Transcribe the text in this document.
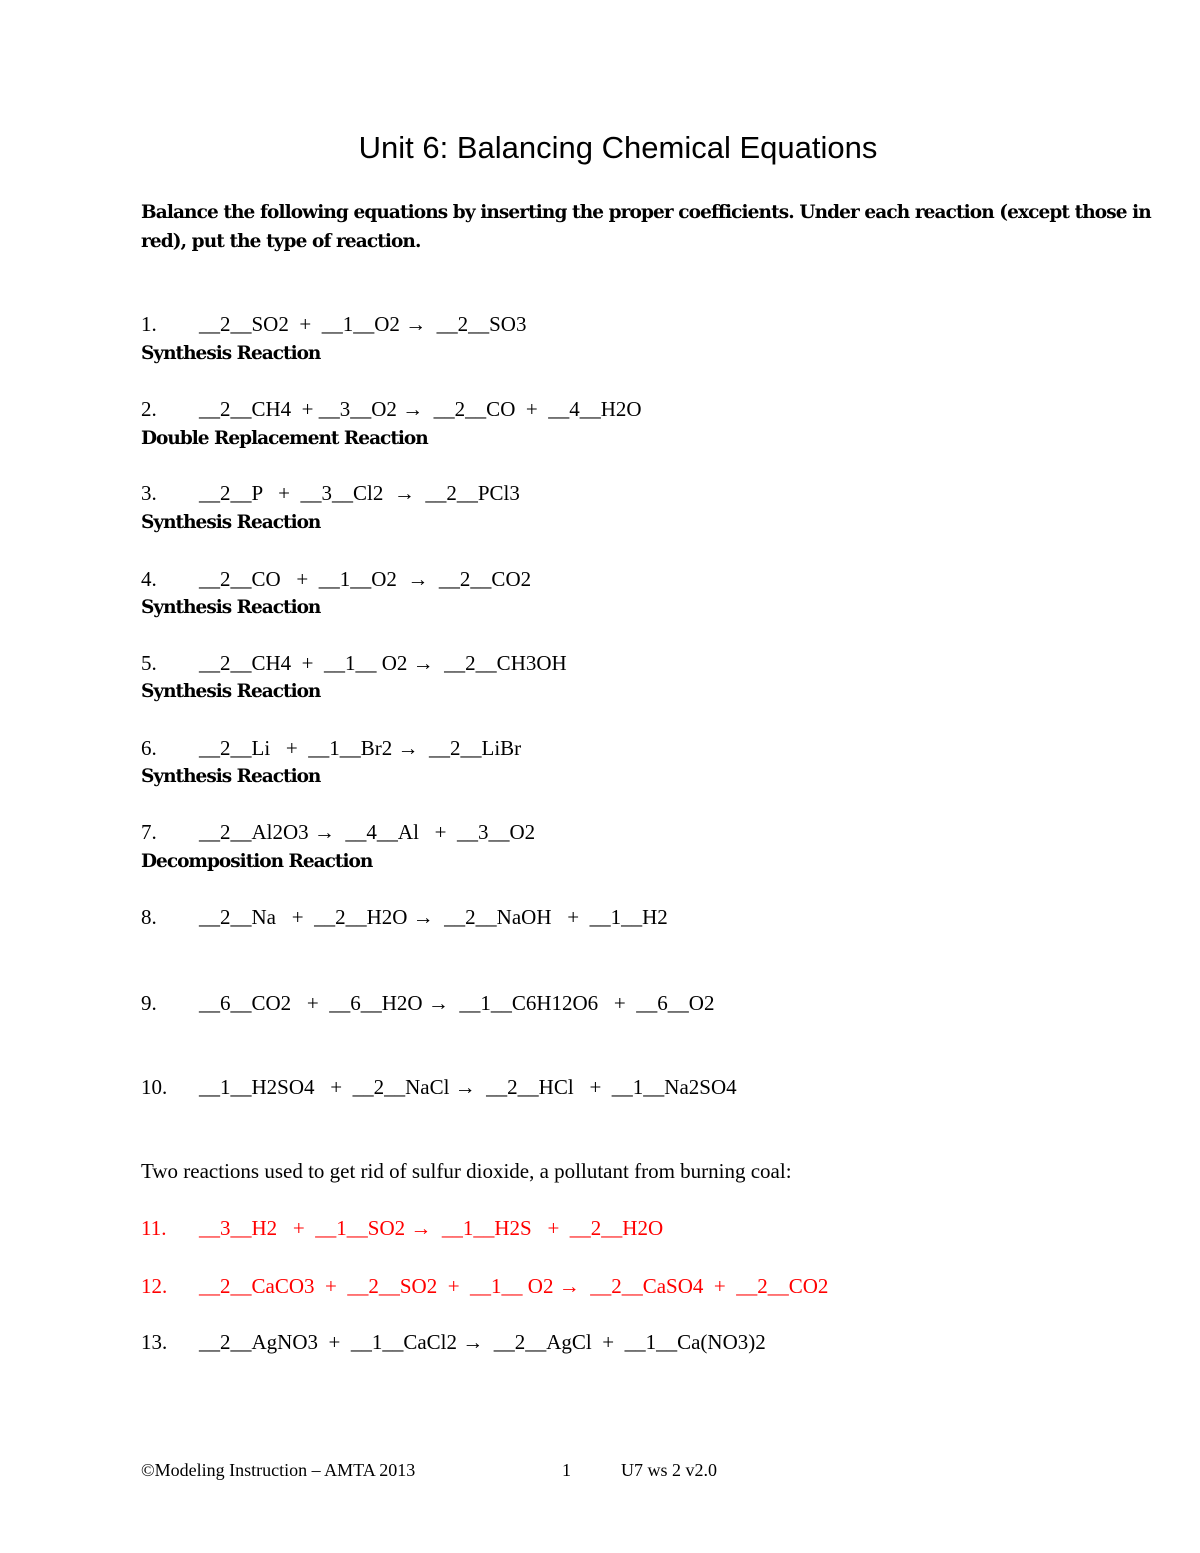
Unit 6: Balancing Chemical Equations

Balance the following equations by inserting the proper coefficients. Under each reaction (except those in red), put the type of reaction.

1. __2__SO2  +  __1__O2 →  __2__SO3
Synthesis Reaction
2. __2__CH4  + __3__O2 →  __2__CO  +  __4__H2O
Double Replacement Reaction
3. __2__P   +  __3__Cl2  →  __2__PCl3
Synthesis Reaction
4. __2__CO   +  __1__O2  →  __2__CO2
Synthesis Reaction
5. __2__CH4  +  __1__ O2 →  __2__CH3OH
Synthesis Reaction
6. __2__Li   +  __1__Br2 →  __2__LiBr
Synthesis Reaction
7. __2__Al2O3 →  __4__Al   +  __3__O2
Decomposition Reaction
8. __2__Na   +  __2__H2O →  __2__NaOH   +  __1__H2
9. __6__CO2   +  __6__H2O →  __1__C6H12O6   +  __6__O2
10. __1__H2SO4   +  __2__NaCl →  __2__HCl   +  __1__Na2SO4
Two reactions used to get rid of sulfur dioxide, a pollutant from burning coal:
11. __3__H2   +  __1__SO2 →  __1__H2S   +  __2__H2O
12. __2__CaCO3  +  __2__SO2  +  __1__ O2 →  __2__CaSO4  +  __2__CO2
13. __2__AgNO3  +  __1__CaCl2 →  __2__AgCl  +  __1__Ca(NO3)2
©Modeling Instruction – AMTA 2013	1	U7 ws 2 v2.0
